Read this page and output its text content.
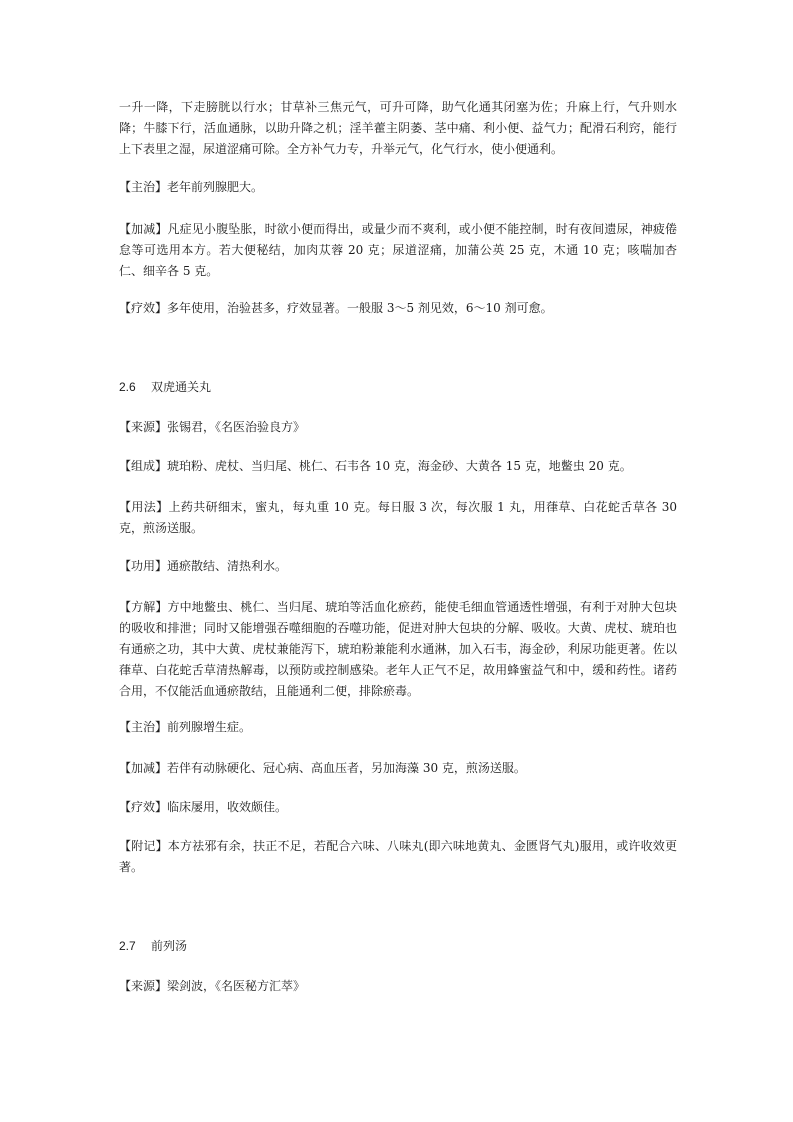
一升一降，下走膀胱以行水；甘草补三焦元气，可升可降，助气化通其闭塞为佐；升麻上行，气升则水降；牛膝下行，活血通脉，以助升降之机；淫羊藿主阴萎、茎中痛、利小便、益气力；配滑石利窍，能行上下表里之湿，尿道涩痛可除。全方补气力专，升举元气，化气行水，使小便通利。

【主治】老年前列腺肥大。

【加减】凡症见小腹坠胀，时欲小便而得出，或量少而不爽利，或小便不能控制，时有夜间遗尿，神疲倦怠等可选用本方。若大便秘结，加肉苁蓉 20 克；尿道涩痛，加蒲公英 25 克，木通 10 克；咳喘加杏仁、细辛各 5 克。

【疗效】多年使用，治验甚多，疗效显著。一般服 3～5 剂见效，6～10 剂可愈。

2.6 双虎通关丸

【来源】张锡君，《名医治验良方》

【组成】琥珀粉、虎杖、当归尾、桃仁、石韦各 10 克，海金砂、大黄各 15 克，地鳖虫 20 克。

【用法】上药共研细末，蜜丸，每丸重 10 克。每日服 3 次，每次服 1 丸，用葎草、白花蛇舌草各 30 克，煎汤送服。

【功用】通瘀散结、清热利水。

【方解】方中地鳖虫、桃仁、当归尾、琥珀等活血化瘀药，能使毛细血管通透性增强，有利于对肿大包块的吸收和排泄；同时又能增强吞噬细胞的吞噬功能，促进对肿大包块的分解、吸收。大黄、虎杖、琥珀也有通瘀之功，其中大黄、虎杖兼能泻下，琥珀粉兼能利水通淋，加入石韦，海金砂，利尿功能更著。佐以葎草、白花蛇舌草清热解毒，以预防或控制感染。老年人正气不足，故用蜂蜜益气和中，缓和药性。诸药合用，不仅能活血通瘀散结，且能通利二便，排除瘀毒。

【主治】前列腺增生症。

【加减】若伴有动脉硬化、冠心病、高血压者，另加海藻 30 克，煎汤送服。

【疗效】临床屡用，收效颇佳。

【附记】本方祛邪有余，扶正不足，若配合六味、八味丸(即六味地黄丸、金匮肾气丸)服用，或许收效更著。

2.7 前列汤

【来源】梁剑波，《名医秘方汇萃》
